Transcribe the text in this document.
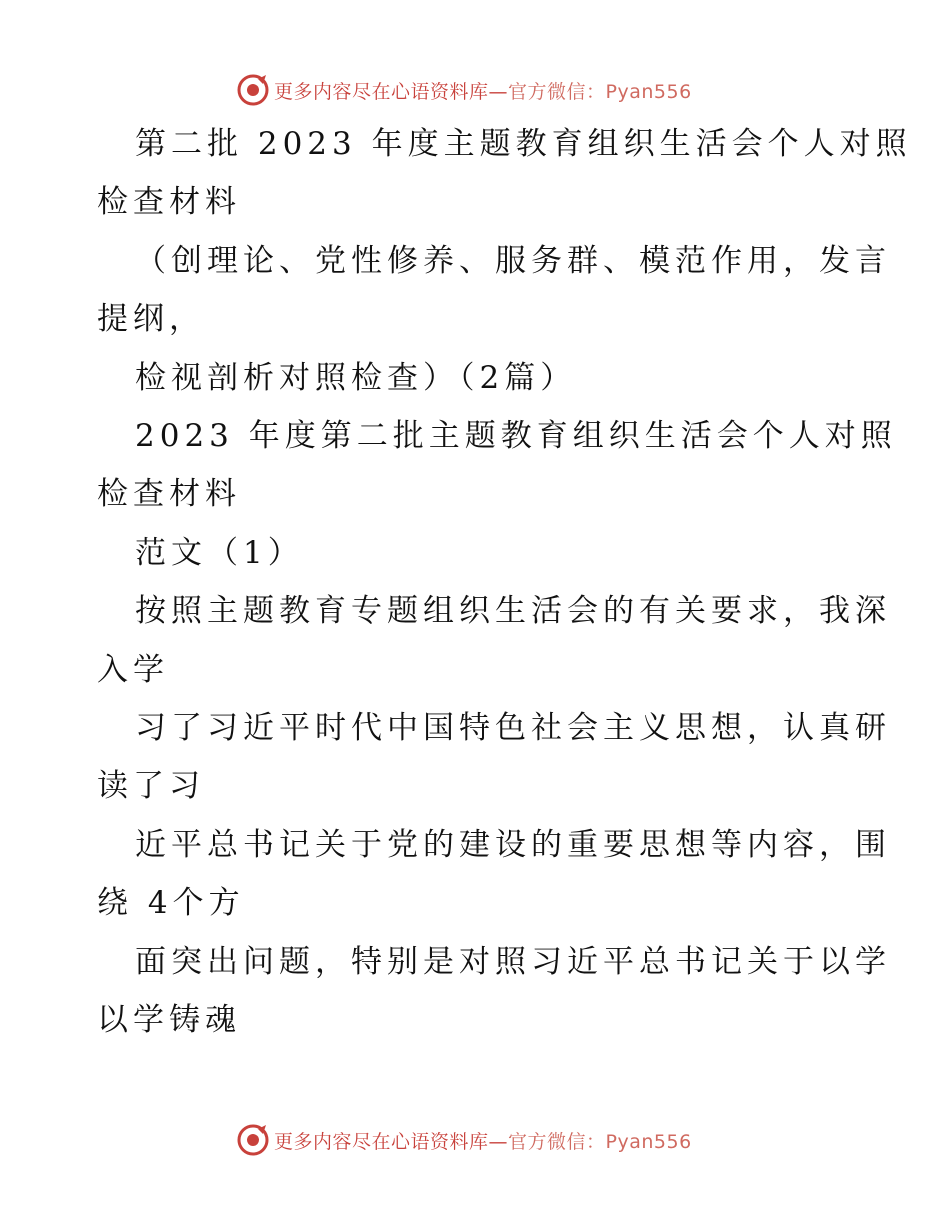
更多内容尽在心语资料库—官方微信：Pyan556
第二批 2023 年度主题教育组织生活会个人对照
检查材料
（创理论、党性修养、服务群、模范作用，发言
提纲，
检视剖析对照检查）（2篇）
2023 年度第二批主题教育组织生活会个人对照
检查材料
范文（1）
按照主题教育专题组织生活会的有关要求，我深
入学
习了习近平时代中国特色社会主义思想，认真研
读了习
近平总书记关于党的建设的重要思想等内容，围
绕 4个方
面突出问题，特别是对照习近平总书记关于以学
以学铸魂
更多内容尽在心语资料库—官方微信：Pyan556
